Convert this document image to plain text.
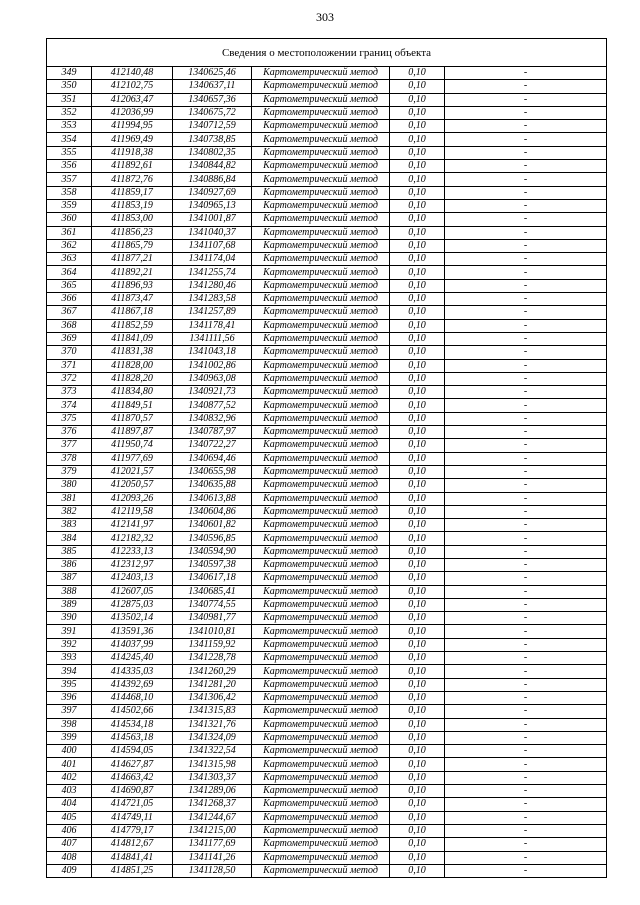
303
Сведения о местоположении границ объекта					
349	412140,48	1340625,46	Картометрический метод	0,10	-
350	412102,75	1340637,11	Картометрический метод	0,10	-
351	412063,47	1340657,36	Картометрический метод	0,10	-
352	412036,99	1340675,72	Картометрический метод	0,10	-
353	411994,95	1340712,59	Картометрический метод	0,10	-
354	411969,49	1340738,85	Картометрический метод	0,10	-
355	411918,38	1340802,35	Картометрический метод	0,10	-
356	411892,61	1340844,82	Картометрический метод	0,10	-
357	411872,76	1340886,84	Картометрический метод	0,10	-
358	411859,17	1340927,69	Картометрический метод	0,10	-
359	411853,19	1340965,13	Картометрический метод	0,10	-
360	411853,00	1341001,87	Картометрический метод	0,10	-
361	411856,23	1341040,37	Картометрический метод	0,10	-
362	411865,79	1341107,68	Картометрический метод	0,10	-
363	411877,21	1341174,04	Картометрический метод	0,10	-
364	411892,21	1341255,74	Картометрический метод	0,10	-
365	411896,93	1341280,46	Картометрический метод	0,10	-
366	411873,47	1341283,58	Картометрический метод	0,10	-
367	411867,18	1341257,89	Картометрический метод	0,10	-
368	411852,59	1341178,41	Картометрический метод	0,10	-
369	411841,09	1341111,56	Картометрический метод	0,10	-
370	411831,38	1341043,18	Картометрический метод	0,10	-
371	411828,00	1341002,86	Картометрический метод	0,10	-
372	411828,20	1340963,08	Картометрический метод	0,10	-
373	411834,80	1340921,73	Картометрический метод	0,10	-
374	411849,51	1340877,52	Картометрический метод	0,10	-
375	411870,57	1340832,96	Картометрический метод	0,10	-
376	411897,87	1340787,97	Картометрический метод	0,10	-
377	411950,74	1340722,27	Картометрический метод	0,10	-
378	411977,69	1340694,46	Картометрический метод	0,10	-
379	412021,57	1340655,98	Картометрический метод	0,10	-
380	412050,57	1340635,88	Картометрический метод	0,10	-
381	412093,26	1340613,88	Картометрический метод	0,10	-
382	412119,58	1340604,86	Картометрический метод	0,10	-
383	412141,97	1340601,82	Картометрический метод	0,10	-
384	412182,32	1340596,85	Картометрический метод	0,10	-
385	412233,13	1340594,90	Картометрический метод	0,10	-
386	412312,97	1340597,38	Картометрический метод	0,10	-
387	412403,13	1340617,18	Картометрический метод	0,10	-
388	412607,05	1340685,41	Картометрический метод	0,10	-
389	412875,03	1340774,55	Картометрический метод	0,10	-
390	413502,14	1340981,77	Картометрический метод	0,10	-
391	413591,36	1341010,81	Картометрический метод	0,10	-
392	414037,99	1341159,92	Картометрический метод	0,10	-
393	414245,40	1341228,78	Картометрический метод	0,10	-
394	414335,03	1341260,29	Картометрический метод	0,10	-
395	414392,69	1341281,20	Картометрический метод	0,10	-
396	414468,10	1341306,42	Картометрический метод	0,10	-
397	414502,66	1341315,83	Картометрический метод	0,10	-
398	414534,18	1341321,76	Картометрический метод	0,10	-
399	414563,18	1341324,09	Картометрический метод	0,10	-
400	414594,05	1341322,54	Картометрический метод	0,10	-
401	414627,87	1341315,98	Картометрический метод	0,10	-
402	414663,42	1341303,37	Картометрический метод	0,10	-
403	414690,87	1341289,06	Картометрический метод	0,10	-
404	414721,05	1341268,37	Картометрический метод	0,10	-
405	414749,11	1341244,67	Картометрический метод	0,10	-
406	414779,17	1341215,00	Картометрический метод	0,10	-
407	414812,67	1341177,69	Картометрический метод	0,10	-
408	414841,41	1341141,26	Картометрический метод	0,10	-
409	414851,25	1341128,50	Картометрический метод	0,10	-
